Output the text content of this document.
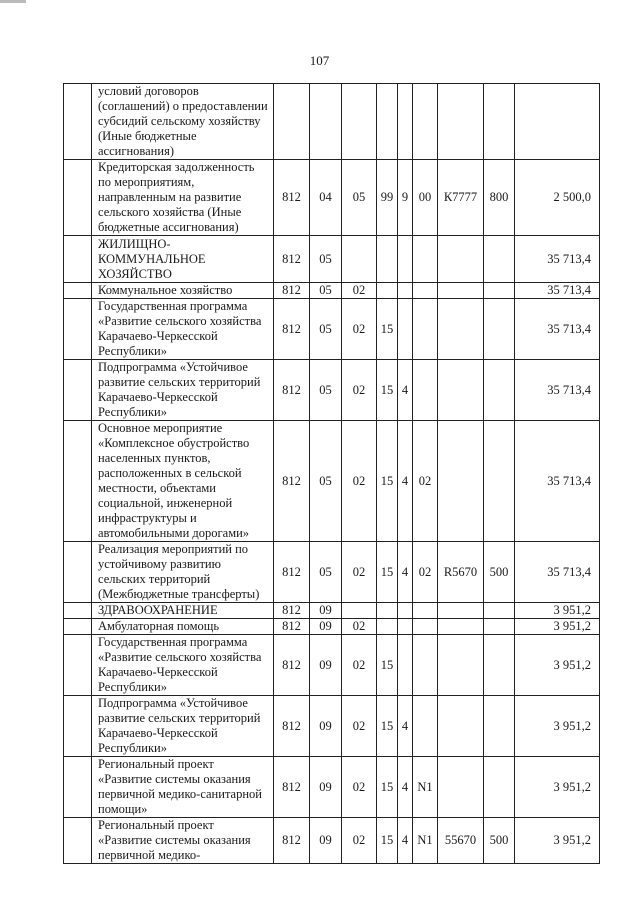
107
	условий договоров (соглашений) о предоставлении субсидий сельскому хозяйству (Иные бюджетные ассигнования)									
	Кредиторская задолженность по мероприятиям, направленным на развитие сельского хозяйства (Иные бюджетные ассигнования)	812	04	05	99	9	00	К7777	800	2 500,0
	ЖИЛИЩНО-КОММУНАЛЬНОЕ ХОЗЯЙСТВО	812	05							35 713,4
	Коммунальное хозяйство	812	05	02						35 713,4
	Государственная программа «Развитие сельского хозяйства Карачаево-Черкесской Республики»	812	05	02	15					35 713,4
	Подпрограмма «Устойчивое развитие сельских территорий Карачаево-Черкесской Республики»	812	05	02	15	4				35 713,4
	Основное мероприятие «Комплексное обустройство населенных пунктов, расположенных в сельской местности, объектами социальной, инженерной инфраструктуры и автомобильными дорогами»	812	05	02	15	4	02			35 713,4
	Реализация мероприятий по устойчивому развитию сельских территорий (Межбюджетные трансферты)	812	05	02	15	4	02	R5670	500	35 713,4
	ЗДРАВООХРАНЕНИЕ	812	09							3 951,2
	Амбулаторная помощь	812	09	02						3 951,2
	Государственная программа «Развитие сельского хозяйства Карачаево-Черкесской Республики»	812	09	02	15					3 951,2
	Подпрограмма «Устойчивое развитие сельских территорий Карачаево-Черкесской Республики»	812	09	02	15	4				3 951,2
	Региональный проект «Развитие системы оказания первичной медико-санитарной помощи»	812	09	02	15	4	N1			3 951,2
	Региональный проект «Развитие системы оказания первичной медико-	812	09	02	15	4	N1	55670	500	3 951,2
